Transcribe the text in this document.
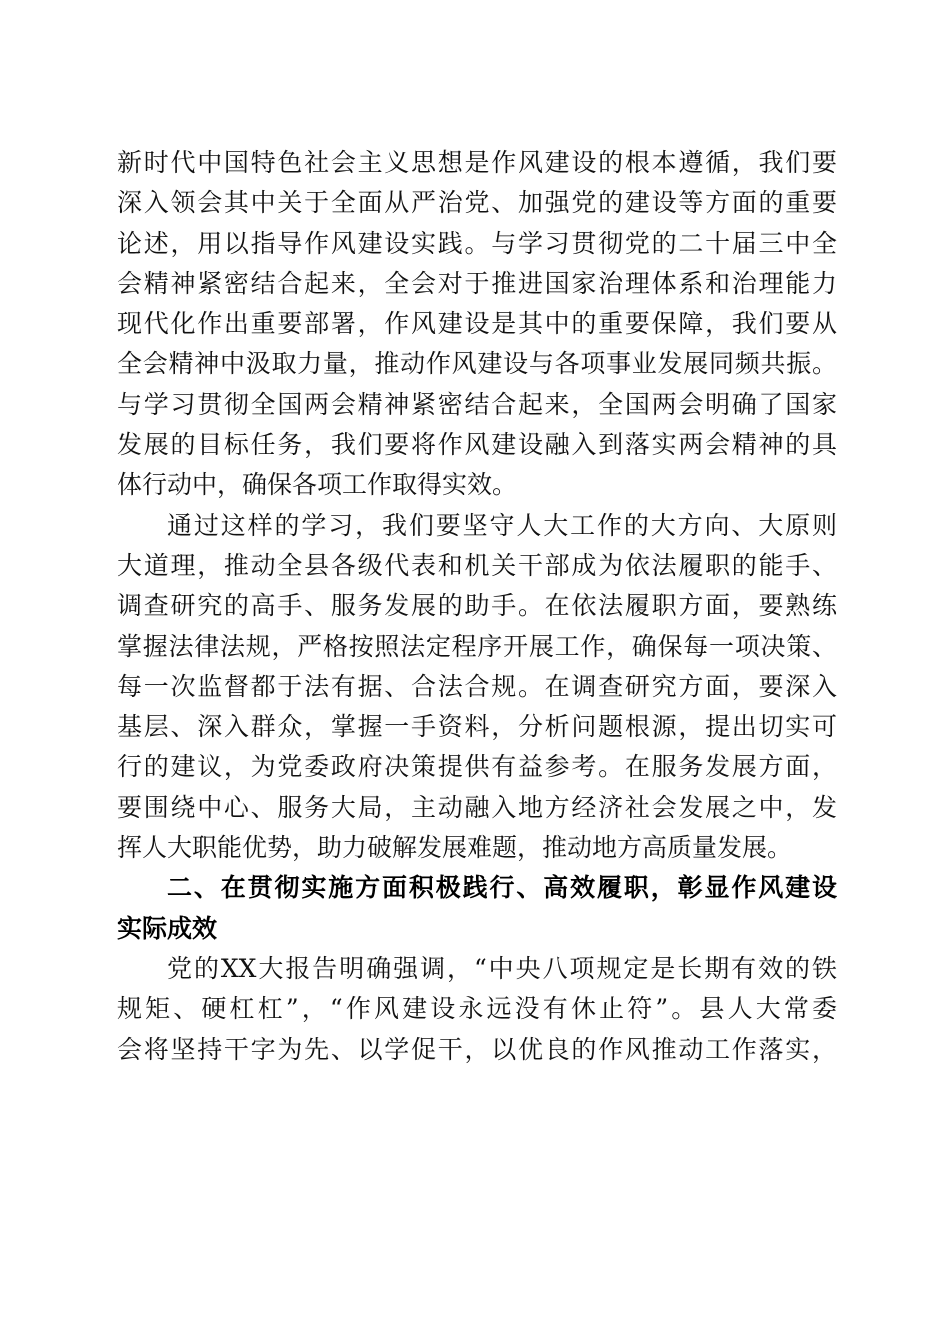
新时代中国特色社会主义思想是作风建设的根本遵循，我们要
深入领会其中关于全面从严治党、加强党的建设等方面的重要
论述，用以指导作风建设实践。与学习贯彻党的二十届三中全
会精神紧密结合起来，全会对于推进国家治理体系和治理能力
现代化作出重要部署，作风建设是其中的重要保障，我们要从
全会精神中汲取力量，推动作风建设与各项事业发展同频共振。
与学习贯彻全国两会精神紧密结合起来，全国两会明确了国家
发展的目标任务，我们要将作风建设融入到落实两会精神的具
体行动中，确保各项工作取得实效。
通过这样的学习，我们要坚守人大工作的大方向、大原则
大道理，推动全县各级代表和机关干部成为依法履职的能手、
调查研究的高手、服务发展的助手。在依法履职方面，要熟练
掌握法律法规，严格按照法定程序开展工作，确保每一项决策、
每一次监督都于法有据、合法合规。在调查研究方面，要深入
基层、深入群众，掌握一手资料，分析问题根源，提出切实可
行的建议，为党委政府决策提供有益参考。在服务发展方面，
要围绕中心、服务大局，主动融入地方经济社会发展之中，发
挥人大职能优势，助力破解发展难题，推动地方高质量发展。
二、在贯彻实施方面积极践行、高效履职，彰显作风建设
实际成效
党的XX大报告明确强调，“中央八项规定是长期有效的铁
规矩、硬杠杠”，“作风建设永远没有休止符”。县人大常委
会将坚持干字为先、以学促干，以优良的作风推动工作落实，
